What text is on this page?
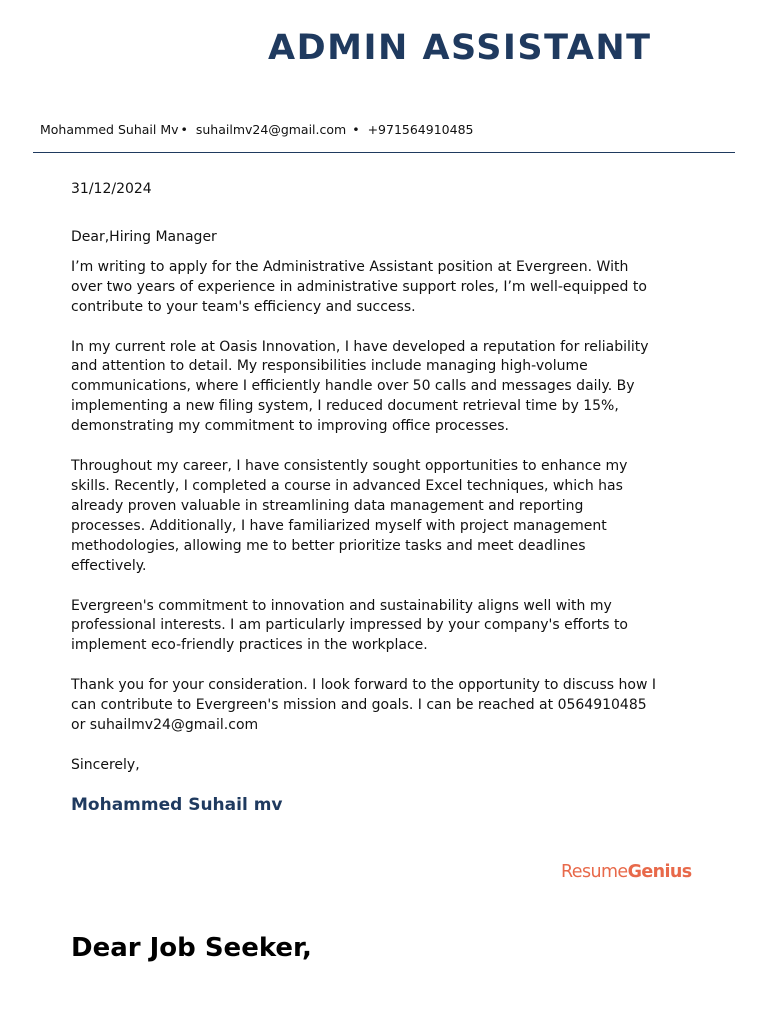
ADMIN ASSISTANT
Mohammed Suhail Mv • suhailmv24@gmail.com • +971564910485

31/12/2024

Dear,Hiring Manager

I’m writing to apply for the Administrative Assistant position at Evergreen. With over two years of experience in administrative support roles, I’m well-equipped to contribute to your team's efficiency and success.

In my current role at Oasis Innovation, I have developed a reputation for reliability and attention to detail. My responsibilities include managing high-volume communications, where I efficiently handle over 50 calls and messages daily. By implementing a new filing system, I reduced document retrieval time by 15%, demonstrating my commitment to improving office processes.

Throughout my career, I have consistently sought opportunities to enhance my skills. Recently, I completed a course in advanced Excel techniques, which has already proven valuable in streamlining data management and reporting processes. Additionally, I have familiarized myself with project management methodologies, allowing me to better prioritize tasks and meet deadlines effectively.

Evergreen's commitment to innovation and sustainability aligns well with my professional interests. I am particularly impressed by your company's efforts to implement eco-friendly practices in the workplace.

Thank you for your consideration. I look forward to the opportunity to discuss how I can contribute to Evergreen's mission and goals. I can be reached at 0564910485 or suhailmv24@gmail.com

Sincerely,

Mohammed Suhail mv

ResumeGenius
Dear Job Seeker,
